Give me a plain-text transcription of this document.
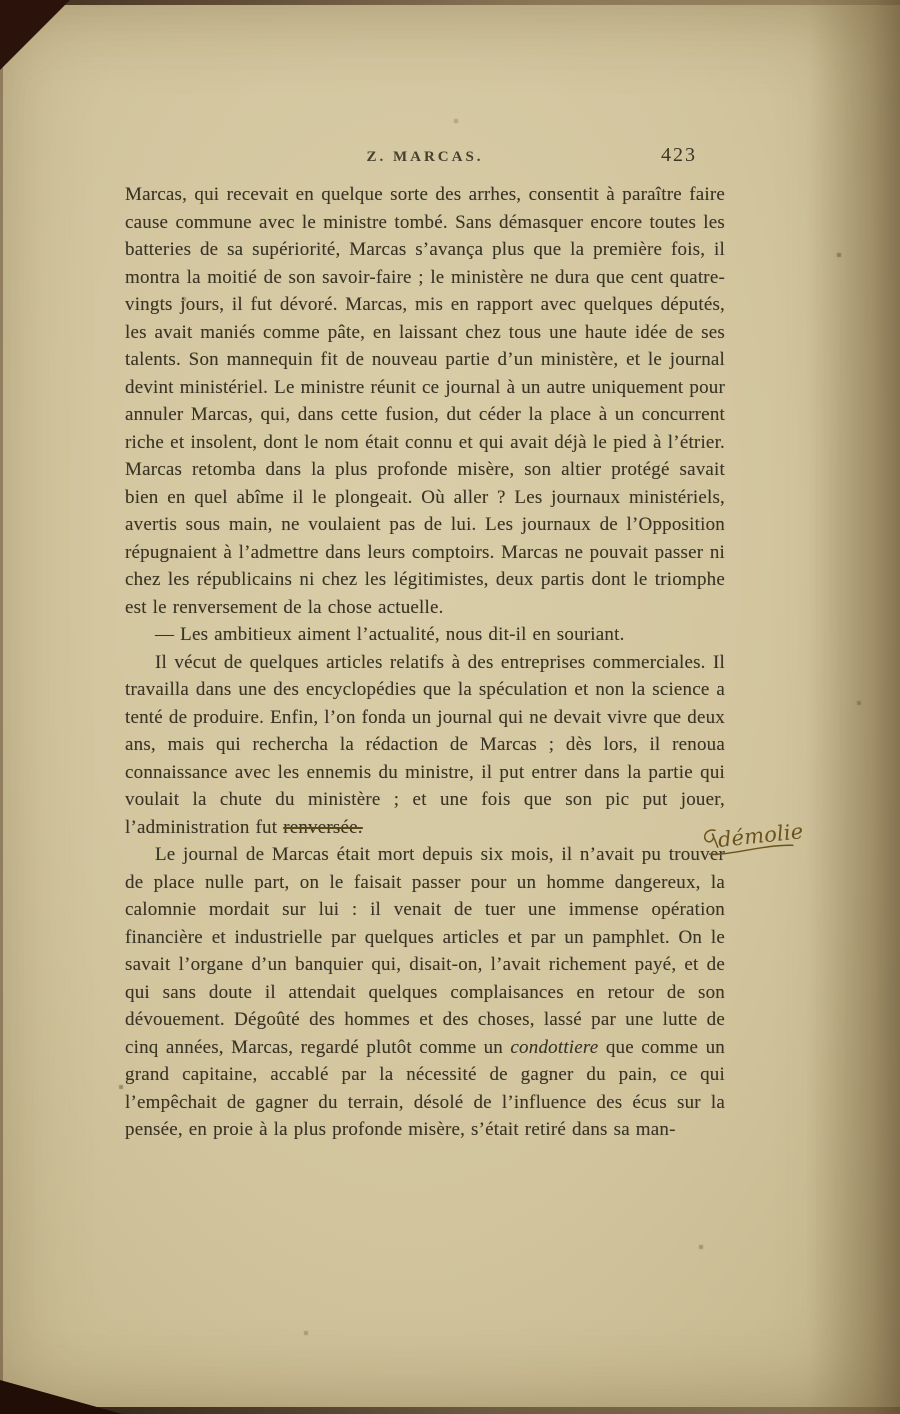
Z. MARCAS.	423

Marcas, qui recevait en quelque sorte des arrhes, consentit à paraître faire cause commune avec le ministre tombé. Sans démasquer encore toutes les batteries de sa supériorité, Marcas s’avança plus que la première fois, il montra la moitié de son savoir-faire ; le ministère ne dura que cent quatre-vingts jours, il fut dévoré. Marcas, mis en rapport avec quelques députés, les avait maniés comme pâte, en laissant chez tous une haute idée de ses talents. Son mannequin fit de nouveau partie d’un ministère, et le journal devint ministériel. Le ministre réunit ce journal à un autre uniquement pour annuler Marcas, qui, dans cette fusion, dut céder la place à un concurrent riche et insolent, dont le nom était connu et qui avait déjà le pied à l’étrier. Marcas retomba dans la plus profonde misère, son altier protégé savait bien en quel abîme il le plongeait. Où aller ? Les journaux ministériels, avertis sous main, ne voulaient pas de lui. Les journaux de l’Opposition répugnaient à l’admettre dans leurs comptoirs. Marcas ne pouvait passer ni chez les républicains ni chez les légitimistes, deux partis dont le triomphe est le renversement de la chose actuelle.

— Les ambitieux aiment l’actualité, nous dit-il en souriant.

Il vécut de quelques articles relatifs à des entreprises commerciales. Il travailla dans une des encyclopédies que la spéculation et non la science a tenté de produire. Enfin, l’on fonda un journal qui ne devait vivre que deux ans, mais qui rechercha la rédaction de Marcas ; dès lors, il renoua connaissance avec les ennemis du ministre, il put entrer dans la partie qui voulait la chute du ministère ; et une fois que son pic put jouer, l’administration fut renversée.	démolie

Le journal de Marcas était mort depuis six mois, il n’avait pu trouver de place nulle part, on le faisait passer pour un homme dangereux, la calomnie mordait sur lui : il venait de tuer une immense opération financière et industrielle par quelques articles et par un pamphlet. On le savait l’organe d’un banquier qui, disait-on, l’avait richement payé, et de qui sans doute il attendait quelques complaisances en retour de son dévouement. Dégoûté des hommes et des choses, lassé par une lutte de cinq années, Marcas, regardé plutôt comme un condottiere que comme un grand capitaine, accablé par la nécessité de gagner du pain, ce qui l’empêchait de gagner du terrain, désolé de l’influence des écus sur la pensée, en proie à la plus profonde misère, s’était retiré dans sa man-
